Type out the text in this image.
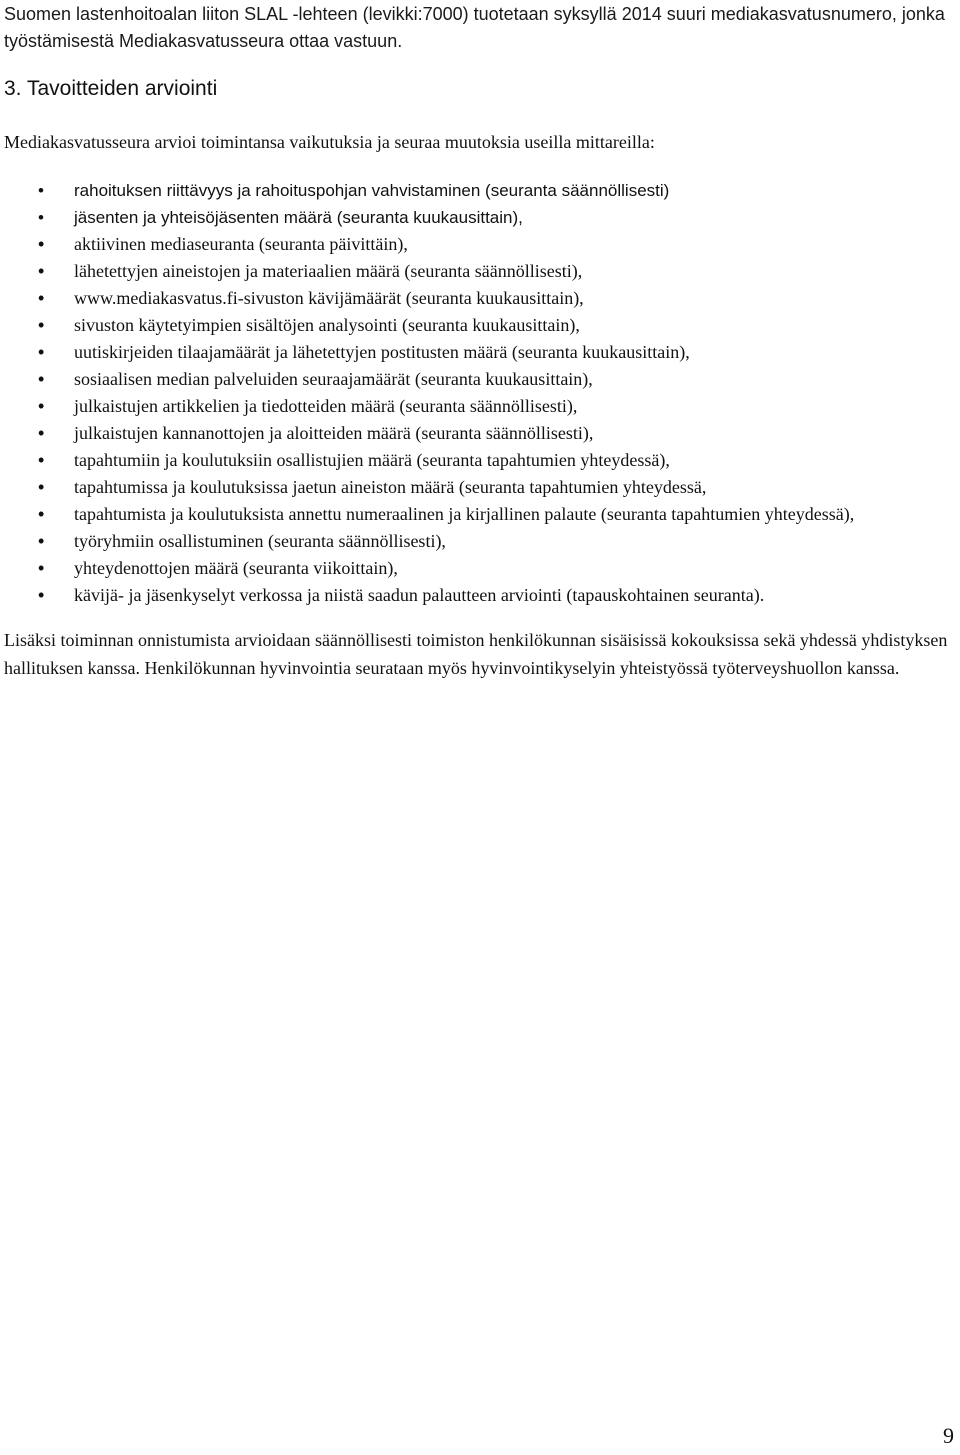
Suomen lastenhoitoalan liiton SLAL -lehteen (levikki:7000) tuotetaan syksyllä 2014 suuri mediakasvatusnumero, jonka työstämisestä Mediakasvatusseura ottaa vastuun.

3. Tavoitteiden arviointi

Mediakasvatusseura arvioi toimintansa vaikutuksia ja seuraa muutoksia useilla mittareilla:

• rahoituksen riittävyys ja rahoituspohjan vahvistaminen (seuranta säännöllisesti)
• jäsenten ja yhteisöjäsenten määrä (seuranta kuukausittain),
• aktiivinen mediaseuranta (seuranta päivittäin),
• lähetettyjen aineistojen ja materiaalien määrä (seuranta säännöllisesti),
• www.mediakasvatus.fi-sivuston kävijämäärät (seuranta kuukausittain),
• sivuston käytetyimpien sisältöjen analysointi (seuranta kuukausittain),
• uutiskirjeiden tilaajamäärät ja lähetettyjen postitusten määrä (seuranta kuukausittain),
• sosiaalisen median palveluiden seuraajamäärät (seuranta kuukausittain),
• julkaistujen artikkelien ja tiedotteiden määrä (seuranta säännöllisesti),
• julkaistujen kannanottojen ja aloitteiden määrä (seuranta säännöllisesti),
• tapahtumiin ja koulutuksiin osallistujien määrä (seuranta tapahtumien yhteydessä),
• tapahtumissa ja koulutuksissa jaetun aineiston määrä (seuranta tapahtumien yhteydessä,
• tapahtumista ja koulutuksista annettu numeraalinen ja kirjallinen palaute (seuranta tapahtumien yhteydessä),
• työryhmiin osallistuminen (seuranta säännöllisesti),
• yhteydenottojen määrä (seuranta viikoittain),
• kävijä- ja jäsenkyselyt verkossa ja niistä saadun palautteen arviointi (tapauskohtainen seuranta).

Lisäksi toiminnan onnistumista arvioidaan säännöllisesti toimiston henkilökunnan sisäisissä kokouksissa sekä yhdessä yhdistyksen hallituksen kanssa. Henkilökunnan hyvinvointia seurataan myös hyvinvointikyselyin yhteistyössä työterveyshuollon kanssa.

9
